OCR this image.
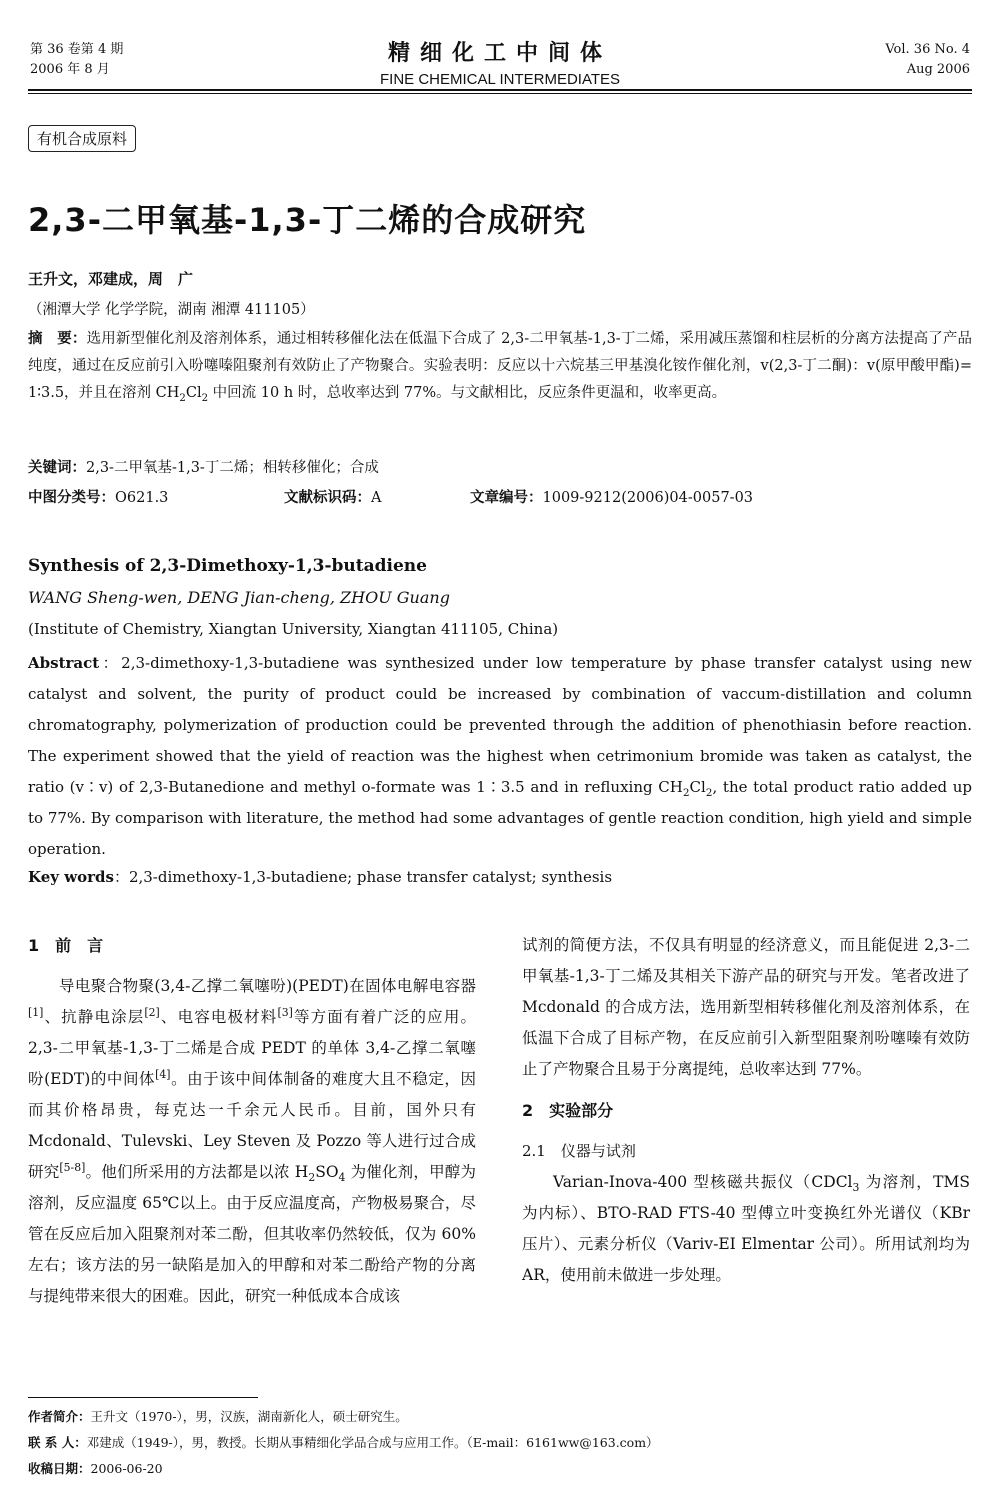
第 36 卷第 4 期
2006 年 8 月
精细化工中间体
FINE CHEMICAL INTERMEDIATES
Vol. 36 No. 4
Aug 2006
有机合成原料
2,3-二甲氧基-1,3-丁二烯的合成研究
王升文，邓建成，周　广
（湘潭大学 化学学院，湖南 湘潭 411105）
摘　要：选用新型催化剂及溶剂体系，通过相转移催化法在低温下合成了 2,3-二甲氧基-1,3-丁二烯，采用减压蒸馏和柱层析的分离方法提高了产品纯度，通过在反应前引入吩噻嗪阻聚剂有效防止了产物聚合。实验表明：反应以十六烷基三甲基溴化铵作催化剂，v(2,3-丁二酮)：v(原甲酸甲酯)= 1∶3.5，并且在溶剂 $CH_2Cl_2$ 中回流 10 h 时，总收率达到 77%。与文献相比，反应条件更温和，收率更高。
关键词：2,3-二甲氧基-1,3-丁二烯；相转移催化；合成
中图分类号：O621.3	文献标识码：A	文章编号：1009-9212(2006)04-0057-03
Synthesis of 2,3-Dimethoxy-1,3-butadiene
WANG Sheng-wen, DENG Jian-cheng, ZHOU Guang
(Institute of Chemistry, Xiangtan University, Xiangtan 411105, China)
Abstract：2,3-dimethoxy-1,3-butadiene was synthesized under low temperature by phase transfer catalyst using new catalyst and solvent, the purity of product could be increased by combination of vaccum-distillation and column chromatography, polymerization of production could be prevented through the addition of phenothiasin before reaction. The experiment showed that the yield of reaction was the highest when cetrimonium bromide was taken as catalyst, the ratio (v∶v) of 2,3-Butanedione and methyl o-formate was 1∶3.5 and in refluxing $CH_2Cl_2$, the total product ratio added up to 77%. By comparison with literature, the method had some advantages of gentle reaction condition, high yield and simple operation.
Key words：2,3-dimethoxy-1,3-butadiene; phase transfer catalyst; synthesis
1　前　言

导电聚合物聚(3,4-乙撑二氧噻吩)(PEDT)在固体电解电容器[1]、抗静电涂层[2]、电容电极材料[3]等方面有着广泛的应用。2,3-二甲氧基-1,3-丁二烯是合成 PEDT 的单体 3,4-乙撑二氧噻吩(EDT)的中间体[4]。由于该中间体制备的难度大且不稳定，因而其价格昂贵，每克达一千余元人民币。目前，国外只有 Mcdonald、Tulevski、Ley Steven 及 Pozzo 等人进行过合成研究[5-8]。他们所采用的方法都是以浓 $H_2SO_4$ 为催化剂，甲醇为溶剂，反应温度 65℃以上。由于反应温度高，产物极易聚合，尽管在反应后加入阻聚剂对苯二酚，但其收率仍然较低，仅为 60%左右；该方法的另一缺陷是加入的甲醇和对苯二酚给产物的分离与提纯带来很大的困难。因此，研究一种低成本合成该

试剂的简便方法，不仅具有明显的经济意义，而且能促进 2,3-二甲氧基-1,3-丁二烯及其相关下游产品的研究与开发。笔者改进了 Mcdonald 的合成方法，选用新型相转移催化剂及溶剂体系，在低温下合成了目标产物，在反应前引入新型阻聚剂吩噻嗪有效防止了产物聚合且易于分离提纯，总收率达到 77%。

2　实验部分
2.1　仪器与试剂

Varian-Inova-400 型核磁共振仪（CDCl$_3$ 为溶剂，TMS 为内标）、BTO-RAD FTS-40 型傅立叶变换红外光谱仪（KBr 压片）、元素分析仪（Variv-EI Elmentar 公司）。所用试剂均为 AR，使用前未做进一步处理。

作者简介：王升文（1970-），男，汉族，湖南新化人，硕士研究生。
联 系 人：邓建成（1949-），男，教授。长期从事精细化学品合成与应用工作。（E-mail：6161ww@163.com）
收稿日期：2006-06-20
